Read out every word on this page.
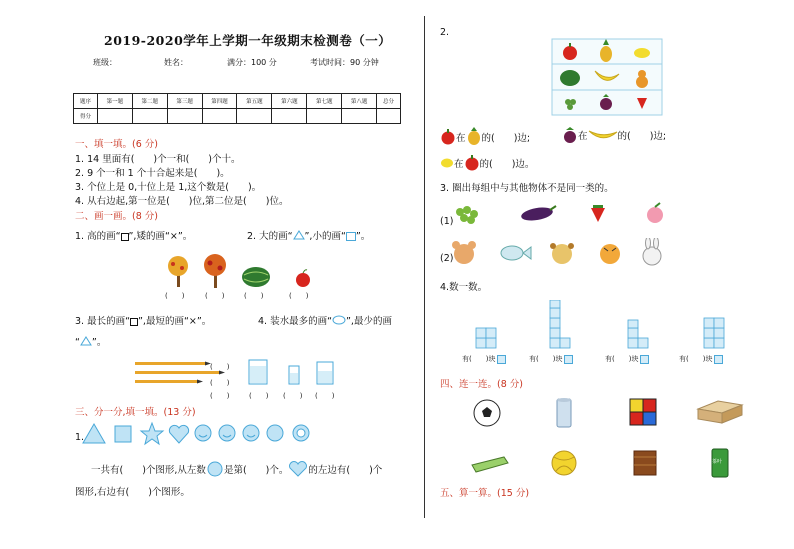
2019-2020学年上学期一年级期末检测卷（一）
班级：	姓名：	满分：100 分	考试时间：90 分钟
题序	第一题	第二题	第三题	第四题	第五题	第六题	第七题	第八题	总分
得分									
一、填一填。(6 分)
1. 14 里面有(　　)个一和(　　)个十。
2. 9 个一和 1 个十合起来是(　　)。
3. 个位上是 0,十位上是 1,这个数是(　　)。
4. 从右边起,第一位是(　　)位,第二位是(　　)位。
二、画一画。(8 分)
1. 高的画“ ”,矮的画“×”。	2. 大的画“ ”,小的画“ ”。
(　　)	(　　)	(　　)	(　　)
3. 最长的画“ ”,最短的画“×”。	4. 装水最多的画“ ”,最少的画
“ ”。
(　　)
(　　)
(　　)	(　　) (　　) (　　)
三、分一分,填一填。(13 分)
1.
一共有(　　)个图形,从左数 是第(　　)个。 的左边有(　　)个
图形,右边有(　　)个图形。
2.
在 的(　　)边;	在	的(　　)边;
在 的(　　)边。
3. 圈出每组中与其他物体不是同一类的。
(1)
(2)
4.数一数。
有(　　)块	有(　　)块	有(　　)块	有(　　)块
四、连一连。(8 分)
茶叶
五、算一算。(15 分)
